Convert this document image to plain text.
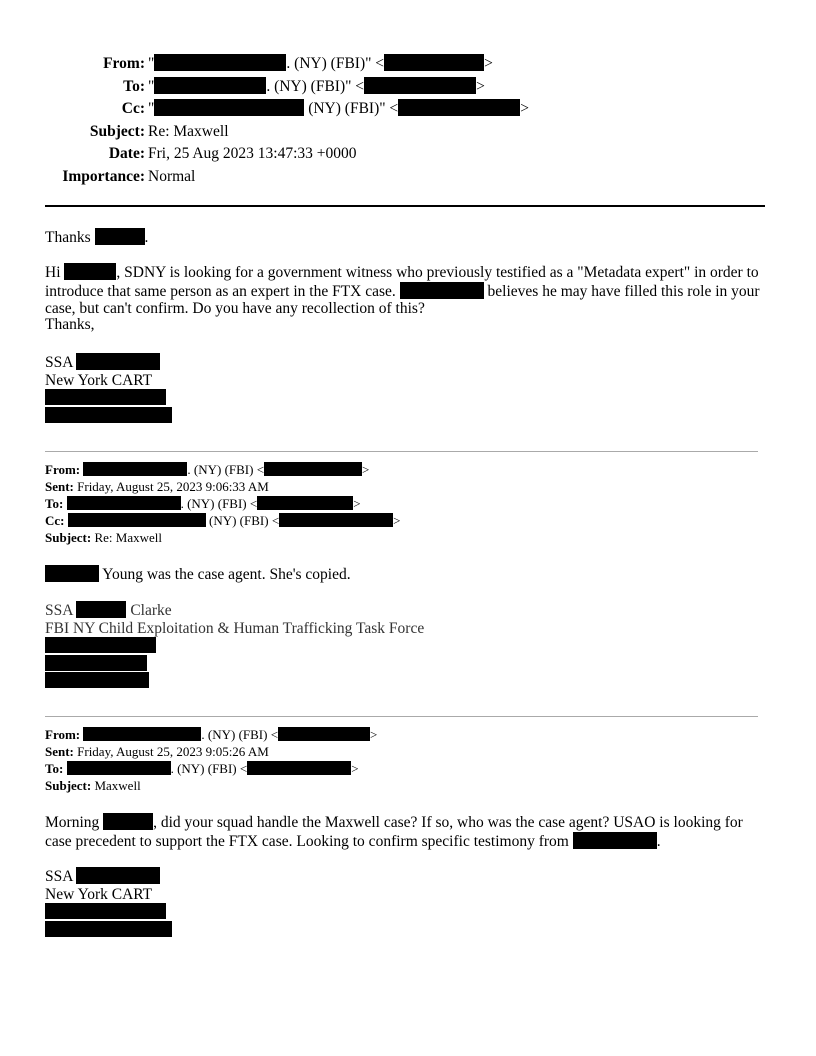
From: "	. (NY) (FBI)" <	>
To: "	. (NY) (FBI)" <	>
Cc: "	(NY) (FBI)" <	>
Subject: Re: Maxwell
Date: Fri, 25 Aug 2023 13:47:33 +0000
Importance: Normal
Thanks	.
Hi	, SDNY is looking for a government witness who previously testified as a "Metadata expert" in order to introduce that same person as an expert in the FTX case.	believes he may have filled this role in your case, but can't confirm. Do you have any recollection of this?
Thanks,
SSA
New York CART
From:	. (NY) (FBI) <	>
Sent: Friday, August 25, 2023 9:06:33 AM
To:	. (NY) (FBI) <	>
Cc:	(NY) (FBI) <	>
Subject: Re: Maxwell
Young was the case agent. She's copied.
SSA	Clarke
FBI NY Child Exploitation & Human Trafficking Task Force
From:	. (NY) (FBI) <	>
Sent: Friday, August 25, 2023 9:05:26 AM
To:	. (NY) (FBI) <	>
Subject: Maxwell
Morning	, did your squad handle the Maxwell case? If so, who was the case agent? USAO is looking for case precedent to support the FTX case. Looking to confirm specific testimony from	.
SSA
New York CART
